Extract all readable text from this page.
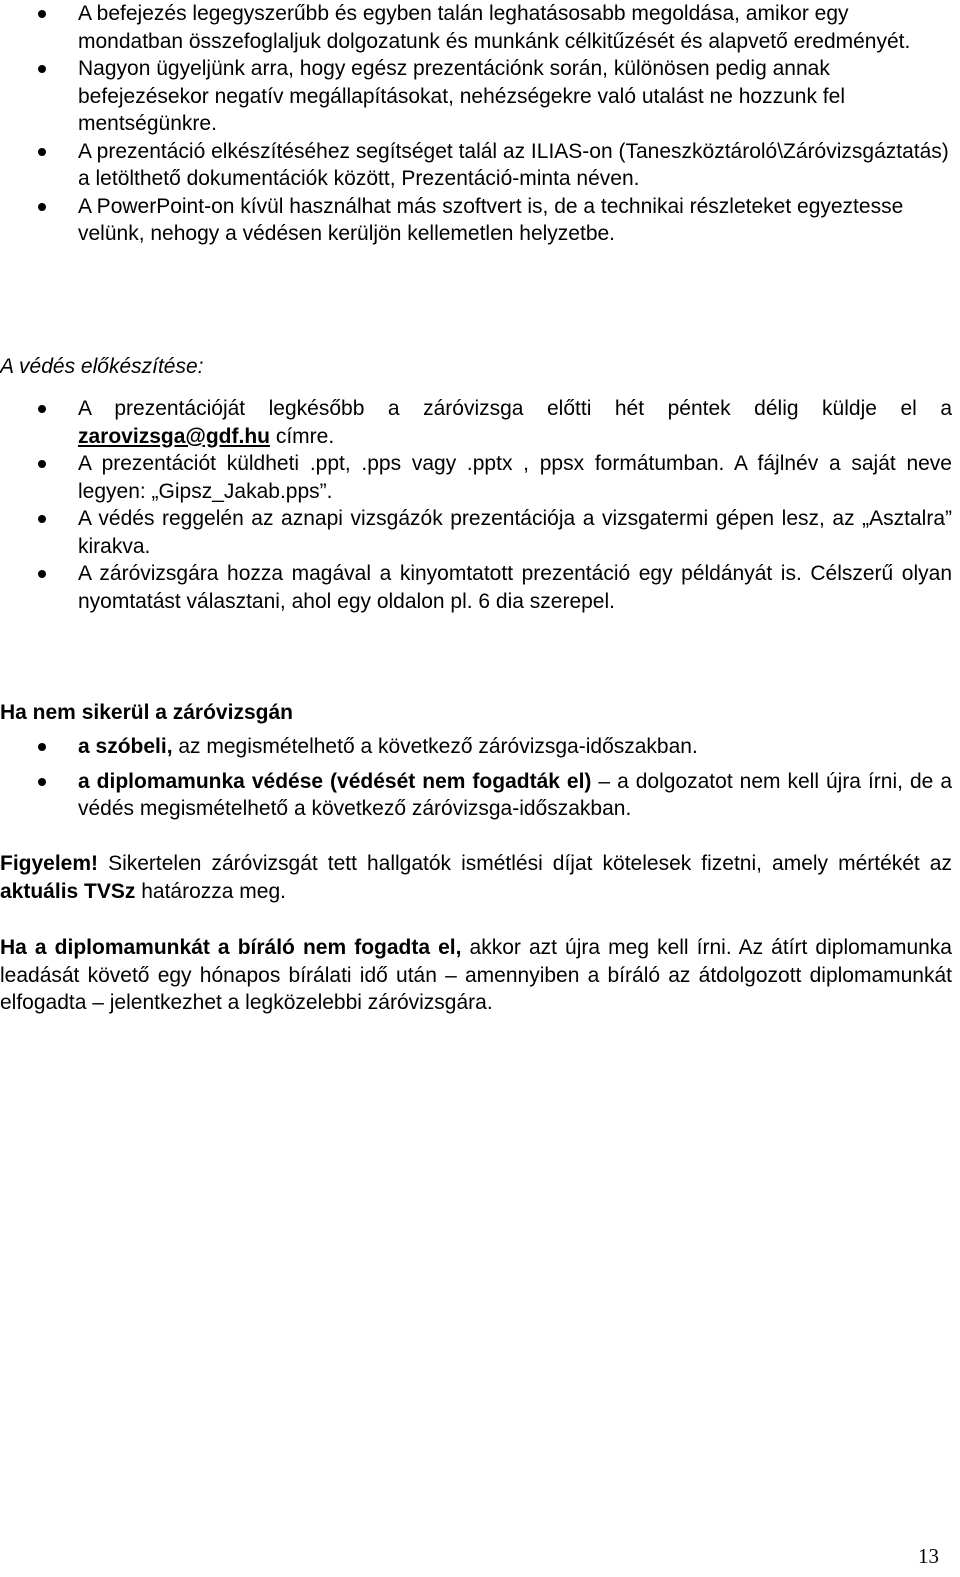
A befejezés legegyszerűbb és egyben talán leghatásosabb megoldása, amikor egy mondatban összefoglaljuk dolgozatunk és munkánk célkitűzését és alapvető eredményét.
Nagyon ügyeljünk arra, hogy egész prezentációnk során, különösen pedig annak befejezésekor negatív megállapításokat, nehézségekre való utalást ne hozzunk fel mentségünkre.
A prezentáció elkészítéséhez segítséget talál az ILIAS-on (Taneszköztároló\Záróvizsgáztatás) a letölthető dokumentációk között, Prezentáció-minta néven.
A PowerPoint-on kívül használhat más szoftvert is, de a technikai részleteket egyeztesse velünk, nehogy a védésen kerüljön kellemetlen helyzetbe.

A védés előkészítése:

A prezentációját legkésőbb a záróvizsga előtti hét péntek délig küldje el a zarovizsga@gdf.hu címre.
A prezentációt küldheti .ppt, .pps vagy .pptx , ppsx formátumban. A fájlnév a saját neve legyen: „Gipsz_Jakab.pps”.
A védés reggelén az aznapi vizsgázók prezentációja a vizsgatermi gépen lesz, az „Asztalra” kirakva.
A záróvizsgára hozza magával a kinyomtatott prezentáció egy példányát is. Célszerű olyan nyomtatást választani, ahol egy oldalon pl. 6 dia szerepel.

Ha nem sikerül a záróvizsgán

a szóbeli, az megismételhető a következő záróvizsga-időszakban.
a diplomamunka védése (védését nem fogadták el) – a dolgozatot nem kell újra írni, de a védés megismételhető a következő záróvizsga-időszakban.

Figyelem! Sikertelen záróvizsgát tett hallgatók ismétlési díjat kötelesek fizetni, amely mértékét az aktuális TVSz határozza meg.

Ha a diplomamunkát a bíráló nem fogadta el, akkor azt újra meg kell írni. Az átírt diplomamunka leadását követő egy hónapos bírálati idő után – amennyiben a bíráló az átdolgozott diplomamunkát elfogadta – jelentkezhet a legközelebbi záróvizsgára.

13
